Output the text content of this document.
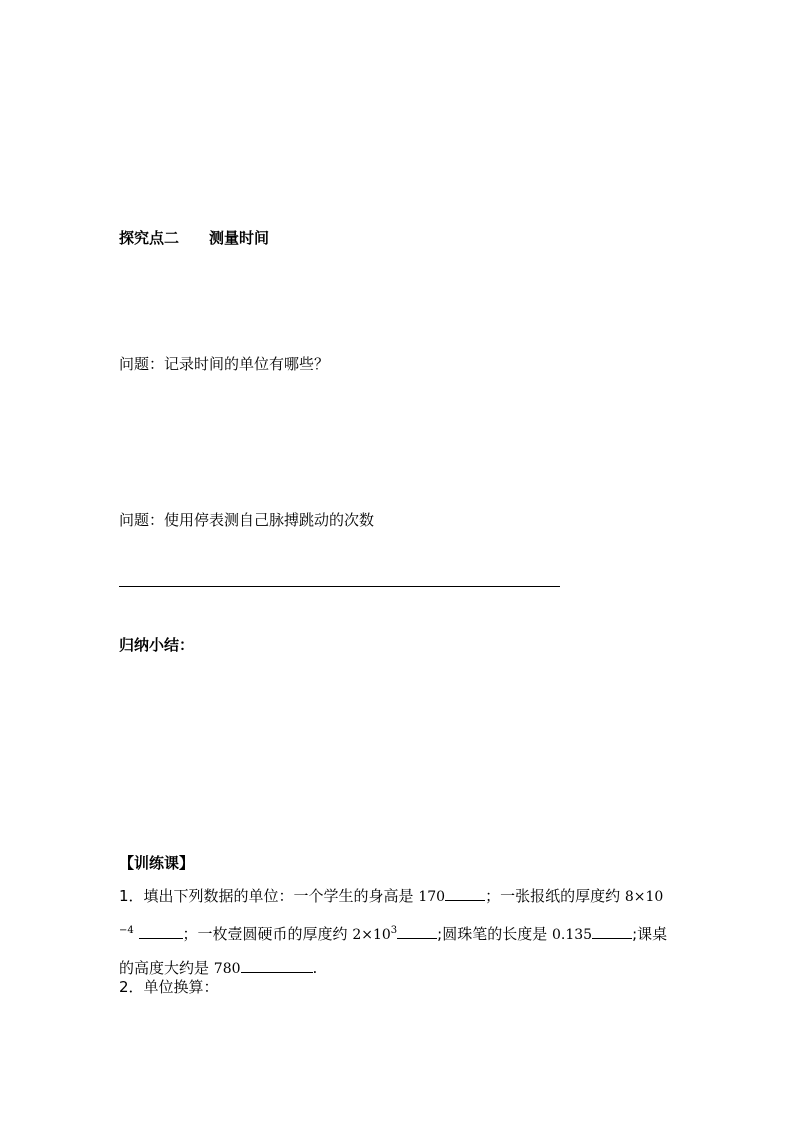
探究点二 测量时间
问题：记录时间的单位有哪些？
问题：使用停表测自己脉搏跳动的次数
归纳小结：
【训练课】
1．填出下列数据的单位：一个学生的身高是 170	；一张报纸的厚度约 8×10
$^{-4}$	；一枚壹圆硬币的厚度约 $2\times 10^3$	;圆珠笔的长度是 0.135	;课桌的高度大约是 780	.
2．单位换算：
